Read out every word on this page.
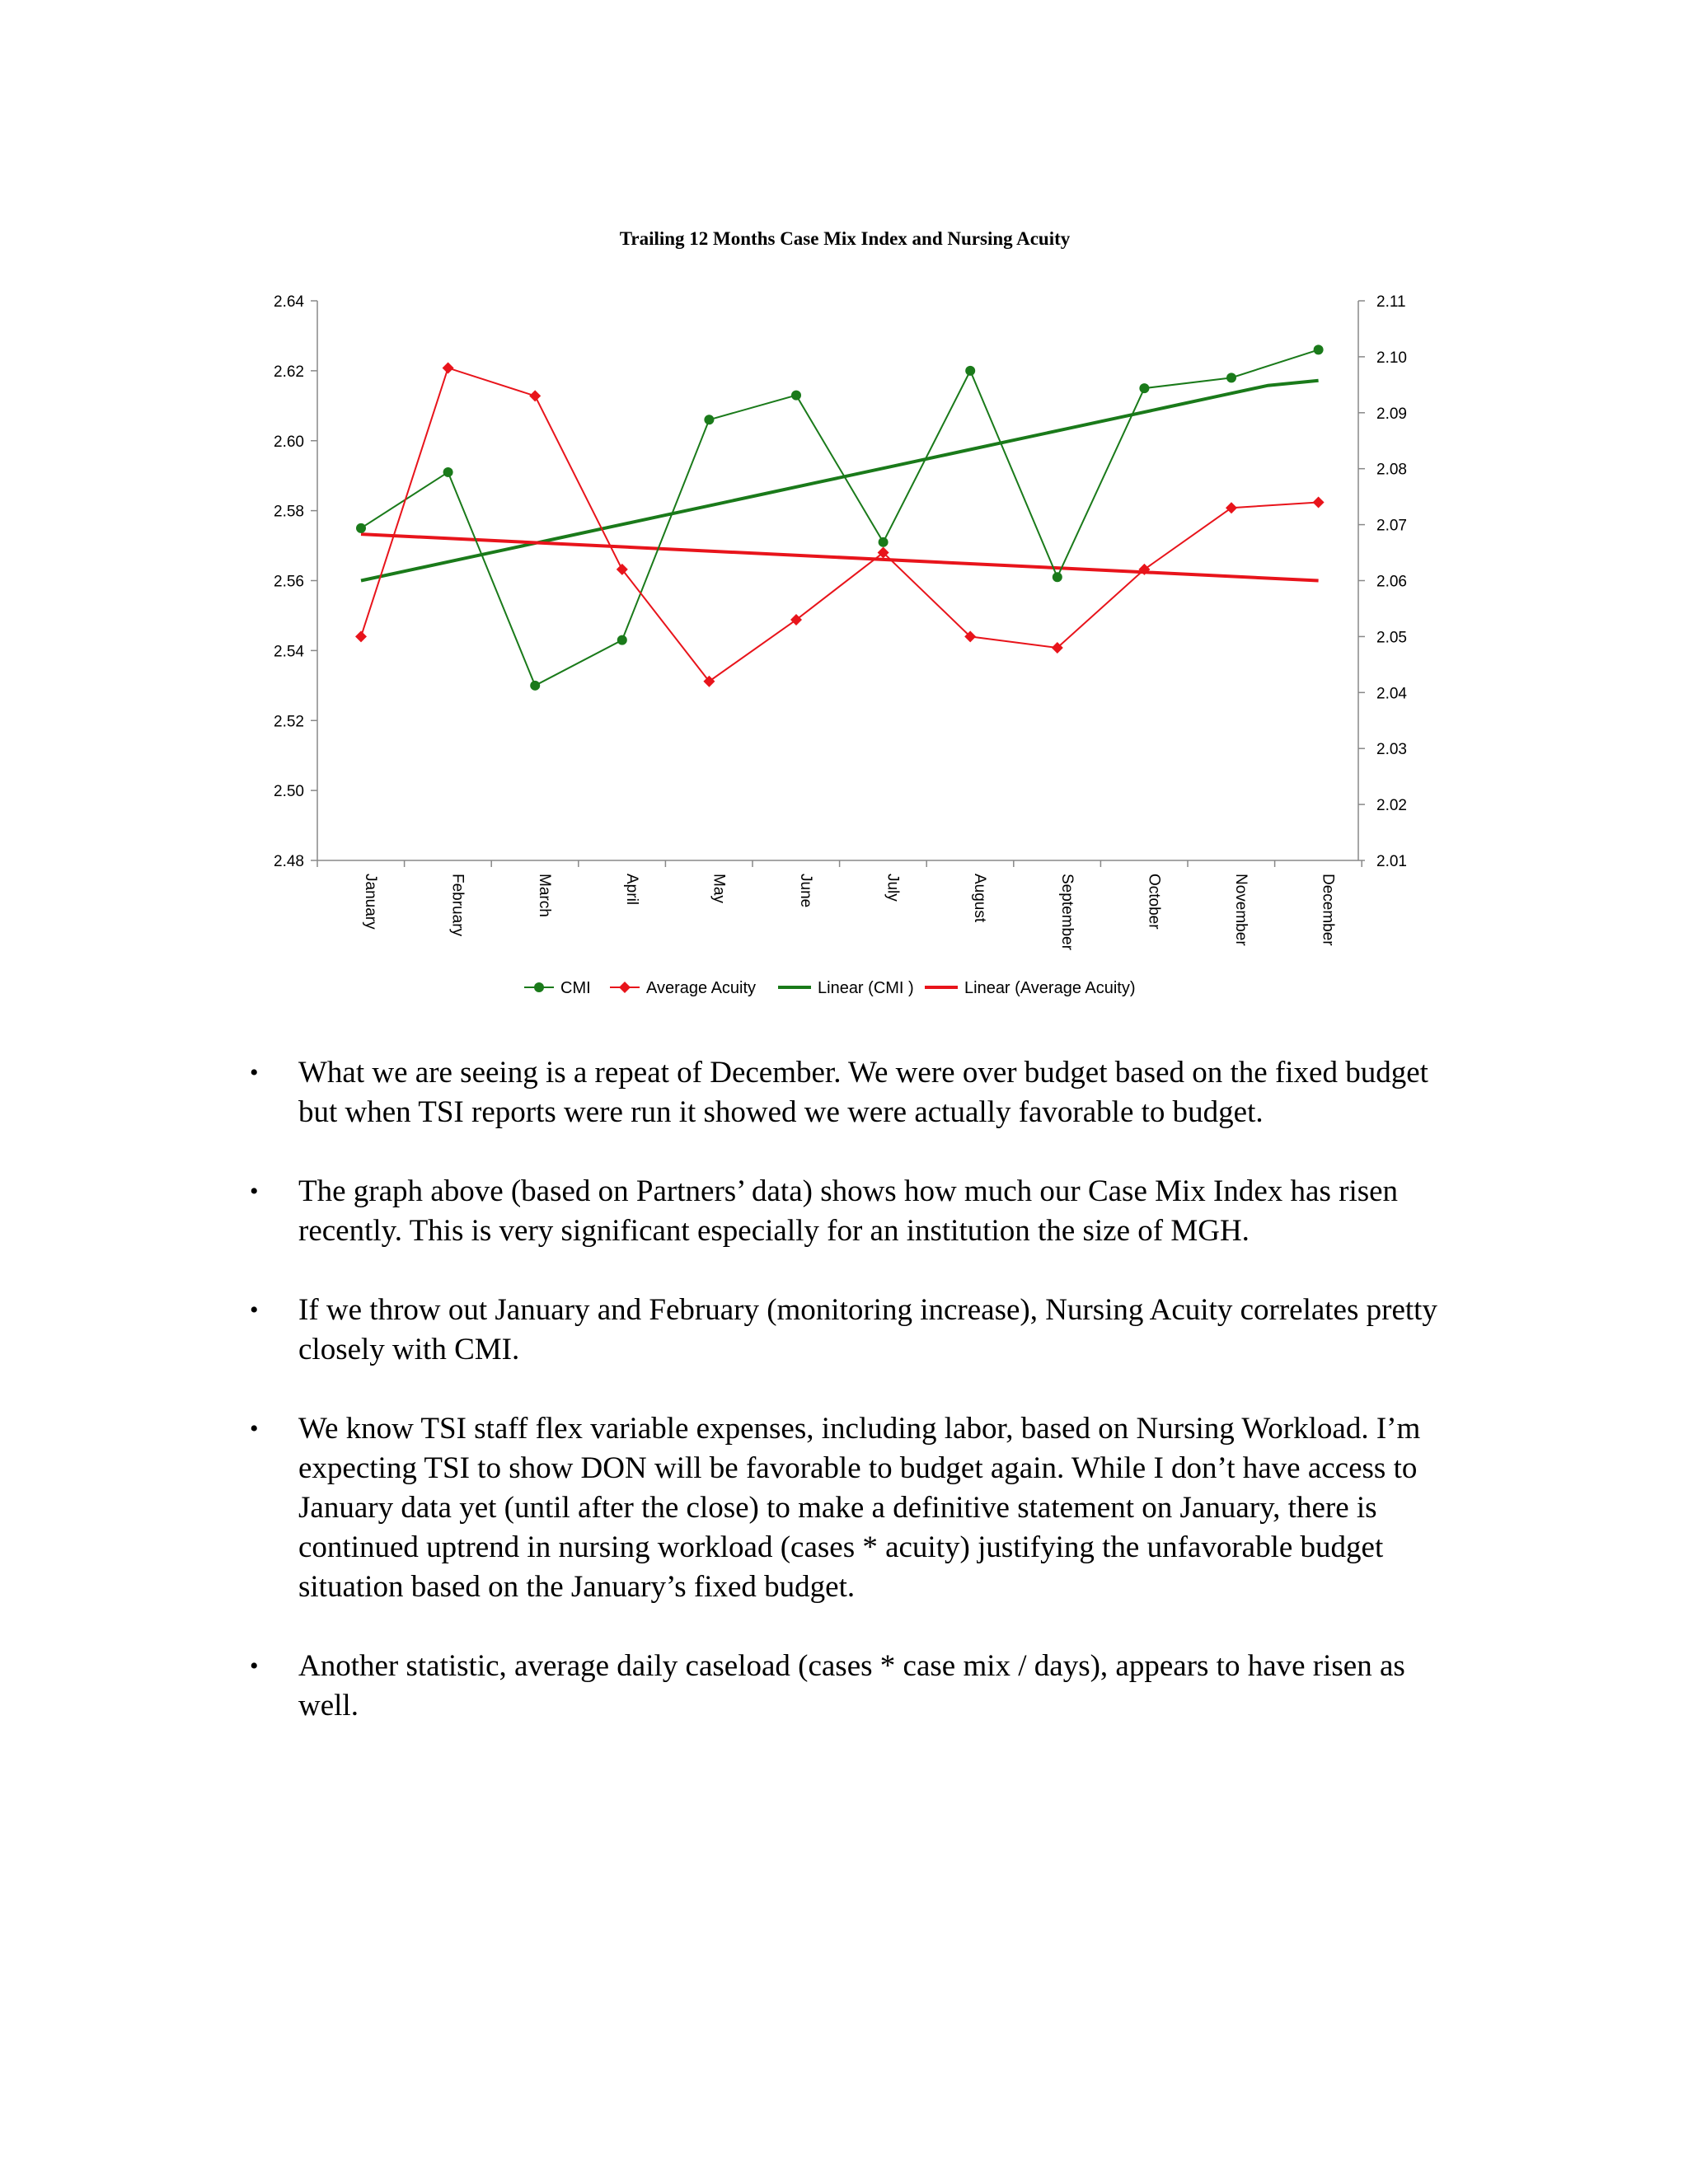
Trailing 12 Months Case Mix Index and Nursing Acuity
2.48
2.50
2.52
2.54
2.56
2.58
2.60
2.62
2.64
2.01
2.02
2.03
2.04
2.05
2.06
2.07
2.08
2.09
2.10
2.11
January	February	March	April	May	June	July	August	September	October	November	December
CMI	Average Acuity	Linear (CMI )	Linear (Average Acuity)
• What we are seeing is a repeat of December. We were over budget based on the fixed budget but when TSI reports were run it showed we were actually favorable to budget.
• The graph above (based on Partners’ data) shows how much our Case Mix Index has risen recently. This is very significant especially for an institution the size of MGH.
• If we throw out January and February (monitoring increase), Nursing Acuity correlates pretty closely with CMI.
• We know TSI staff flex variable expenses, including labor, based on Nursing Workload. I’m expecting TSI to show DON will be favorable to budget again. While I don’t have access to January data yet (until after the close) to make a definitive statement on January, there is continued uptrend in nursing workload (cases * acuity) justifying the unfavorable budget situation based on the January’s fixed budget.
• Another statistic, average daily caseload (cases * case mix / days), appears to have risen as well.
